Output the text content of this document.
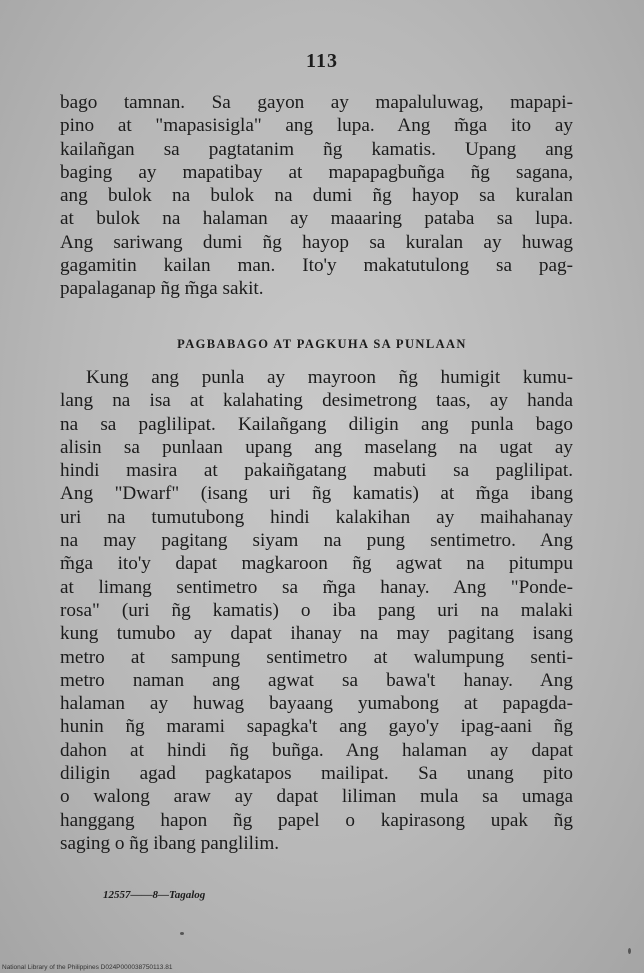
113
bago tamnan. Sa gayon ay mapaluluwag, mapapi-
pino at "mapasisigla" ang lupa. Ang m̃ga ito ay
kailañgan sa pagtatanim ñg kamatis. Upang ang
baging ay mapatibay at mapapagbuñga ñg sagana,
ang bulok na bulok na dumi ñg hayop sa kuralan
at bulok na halaman ay maaaring pataba sa lupa.
Ang sariwang dumi ñg hayop sa kuralan ay huwag
gagamitin kailan man. Ito'y makatutulong sa pag-
papalaganap ñg m̃ga sakit.
PAGBABAGO AT PAGKUHA SA PUNLAAN
Kung ang punla ay mayroon ñg humigit kumu-
lang na isa at kalahating desimetrong taas, ay handa
na sa paglilipat. Kailañgang diligin ang punla bago
alisin sa punlaan upang ang maselang na ugat ay
hindi masira at pakaiñgatang mabuti sa paglilipat.
Ang "Dwarf" (isang uri ñg kamatis) at m̃ga ibang
uri na tumutubong hindi kalakihan ay maihahanay
na may pagitang siyam na pung sentimetro. Ang
m̃ga ito'y dapat magkaroon ñg agwat na pitumpu
at limang sentimetro sa m̃ga hanay. Ang "Ponde-
rosa" (uri ñg kamatis) o iba pang uri na malaki
kung tumubo ay dapat ihanay na may pagitang isang
metro at sampung sentimetro at walumpung senti-
metro naman ang agwat sa bawa't hanay. Ang
halaman ay huwag bayaang yumabong at papagda-
hunin ñg marami sapagka't ang gayo'y ipag-aani ñg
dahon at hindi ñg buñga. Ang halaman ay dapat
diligin agad pagkatapos mailipat. Sa unang pito
o walong araw ay dapat liliman mula sa umaga
hanggang hapon ñg papel o kapirasong upak ñg
saging o ñg ibang panglilim.
12557——8—Tagalog
National Library of the Philippines D024P000038750113.81
